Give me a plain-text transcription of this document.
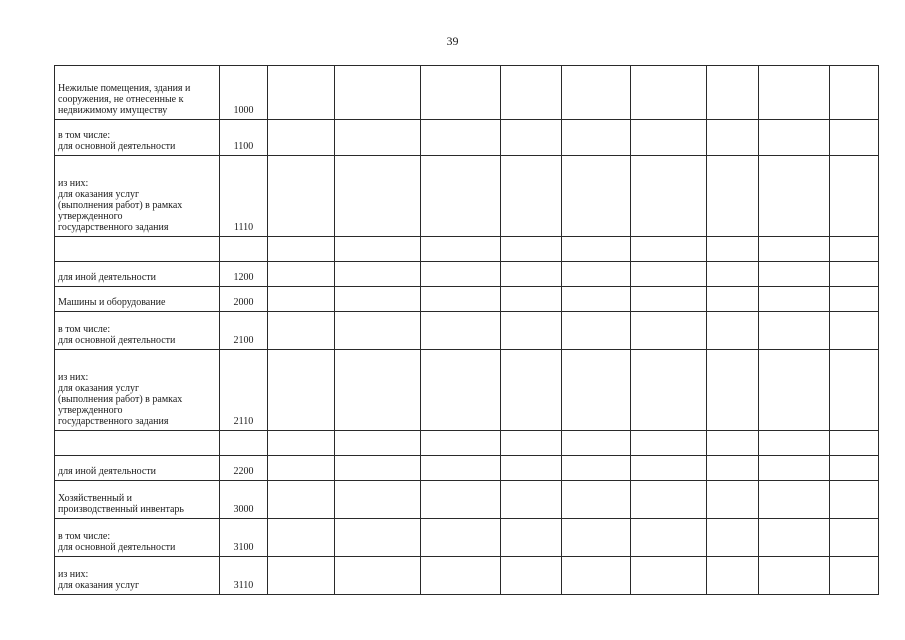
39
Нежилые помещения, здания и
сооружения, не отнесенные к
недвижимому имуществу	1000									
в том числе:
для основной деятельности	1100									
из них:
для оказания услуг
(выполнения работ) в рамках
утвержденного
государственного задания	1110									

для иной деятельности	1200									
Машины и оборудование	2000									
в том числе:
для основной деятельности	2100									
из них:
для оказания услуг
(выполнения работ) в рамках
утвержденного
государственного задания	2110									

для иной деятельности	2200									
Хозяйственный и
производственный инвентарь	3000									
в том числе:
для основной деятельности	3100									
из них:
для оказания услуг	3110									
